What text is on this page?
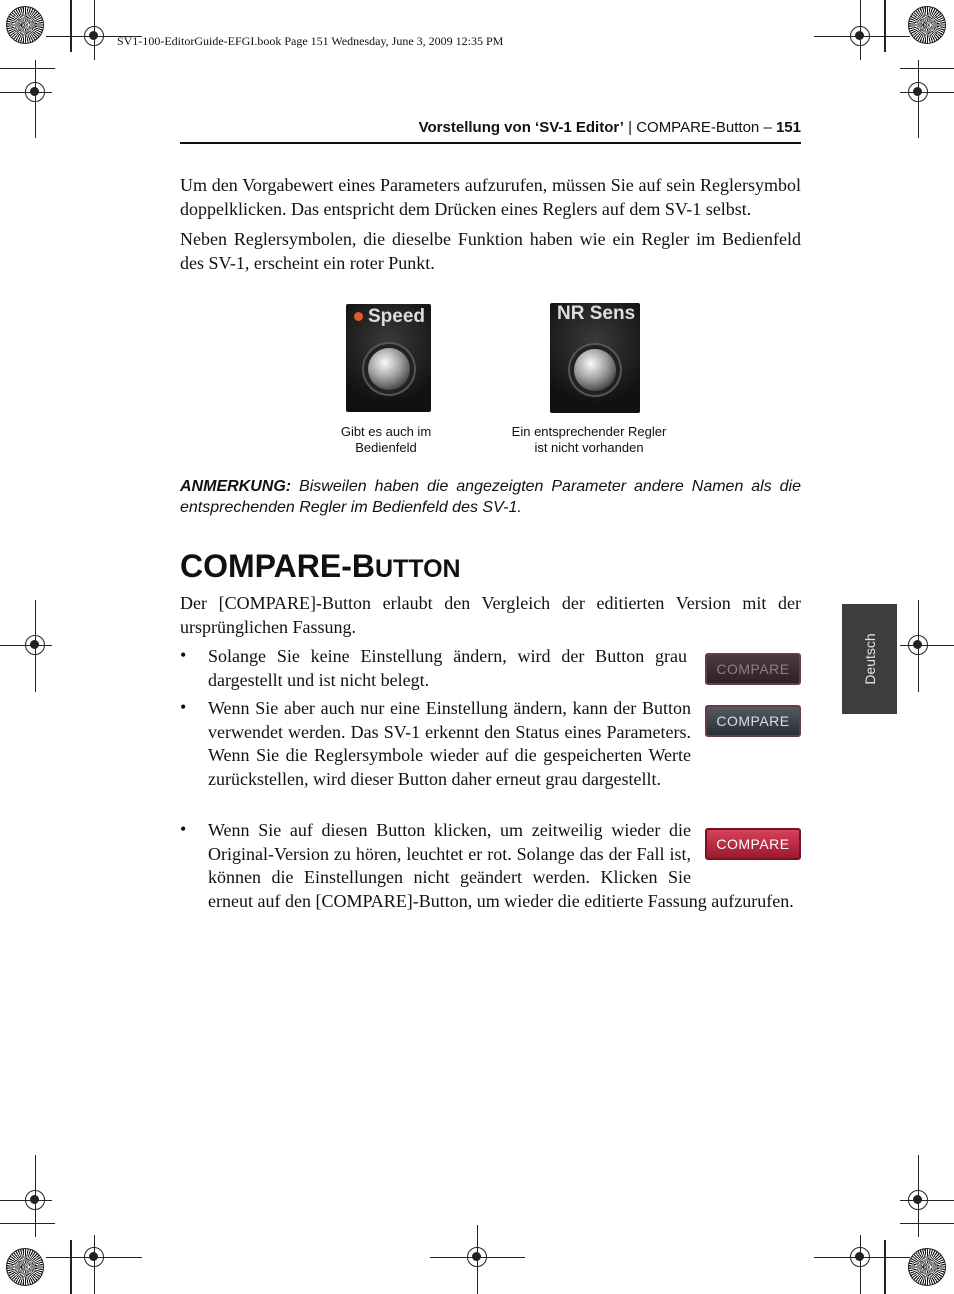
SV1-100-EditorGuide-EFGI.book Page 151 Wednesday, June 3, 2009 12:35 PM
Vorstellung von ‘SV-1 Editor’ | COMPARE-Button – 151

Um den Vorgabewert eines Parameters aufzurufen, müssen Sie auf sein Reglersymbol doppelklicken. Das entspricht dem Drücken eines Reglers auf dem SV-1 selbst.

Neben Reglersymbolen, die dieselbe Funktion haben wie ein Regler im Bedienfeld des SV-1, erscheint ein roter Punkt.

Speed
Gibt es auch im
Bedienfeld
NR Sens
Ein entsprechender Regler
ist nicht vorhanden
ANMERKUNG: Bisweilen haben die angezeigten Parameter andere Namen als die entsprechenden Regler im Bedienfeld des SV-1.
COMPARE-BUTTON
Der [COMPARE]-Button erlaubt den Vergleich der editierten Version mit der ursprünglichen Fassung.
• Solange Sie keine Einstellung ändern, wird der Button grau dargestellt und ist nicht belegt.
COMPARE
• Wenn Sie aber auch nur eine Einstellung ändern, kann der Button verwendet werden. Das SV-1 erkennt den Status eines Parameters. Wenn Sie die Reglersymbole wieder auf die gespeicherten Werte zurückstellen, wird dieser Button daher erneut grau dargestellt.
COMPARE
• Wenn Sie auf diesen Button klicken, um zeitweilig wieder die Original-Version zu hören, leuchtet er rot. Solange das der Fall ist, können die Einstellungen nicht geändert werden. Klicken Sie erneut auf den [COMPARE]-Button, um wieder die editierte Fassung aufzurufen.
COMPARE
Deutsch
